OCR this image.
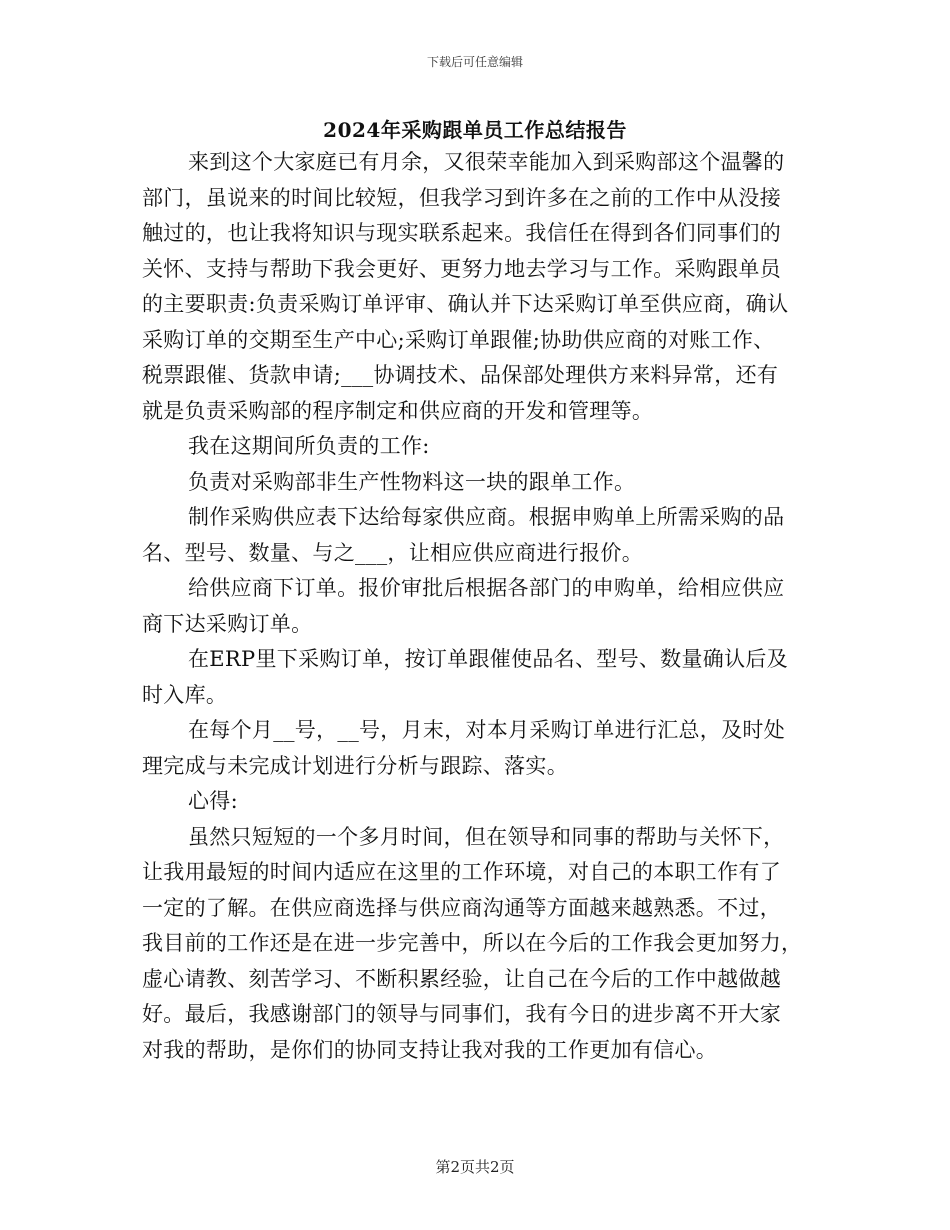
下载后可任意编辑
2024年采购跟单员工作总结报告
来到这个大家庭已有月余，又很荣幸能加入到采购部这个温馨的
部门，虽说来的时间比较短，但我学习到许多在之前的工作中从没接
触过的，也让我将知识与现实联系起来。我信任在得到各们同事们的
关怀、支持与帮助下我会更好、更努力地去学习与工作。采购跟单员
的主要职责:负责采购订单评审、确认并下达采购订单至供应商，确认
采购订单的交期至生产中心;采购订单跟催;协助供应商的对账工作、
税票跟催、货款申请;___协调技术、品保部处理供方来料异常，还有
就是负责采购部的程序制定和供应商的开发和管理等。
我在这期间所负责的工作:
负责对采购部非生产性物料这一块的跟单工作。
制作采购供应表下达给每家供应商。根据申购单上所需采购的品
名、型号、数量、与之___，让相应供应商进行报价。
给供应商下订单。报价审批后根据各部门的申购单，给相应供应
商下达采购订单。
在ERP里下采购订单，按订单跟催使品名、型号、数量确认后及
时入库。
在每个月__号，__号，月末，对本月采购订单进行汇总，及时处
理完成与未完成计划进行分析与跟踪、落实。
心得:
虽然只短短的一个多月时间，但在领导和同事的帮助与关怀下，
让我用最短的时间内适应在这里的工作环境，对自己的本职工作有了
一定的了解。在供应商选择与供应商沟通等方面越来越熟悉。不过，
我目前的工作还是在进一步完善中，所以在今后的工作我会更加努力，
虚心请教、刻苦学习、不断积累经验，让自己在今后的工作中越做越
好。最后，我感谢部门的领导与同事们，我有今日的进步离不开大家
对我的帮助，是你们的协同支持让我对我的工作更加有信心。
第2页共2页
